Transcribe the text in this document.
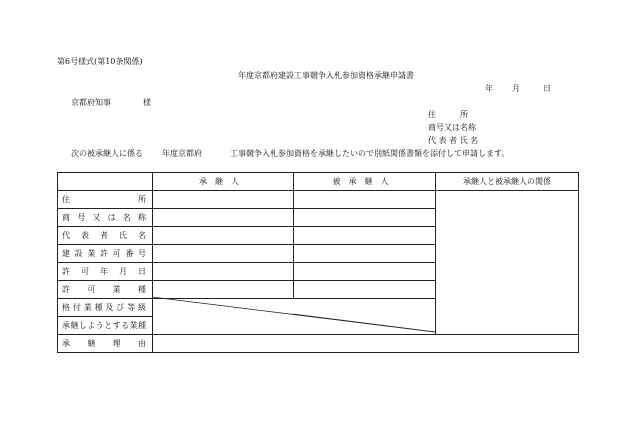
第6号様式(第10条関係)
年度京都府建設工事競争入札参加資格承継申請書
年 月	日
京都府知事	様
住　　　所
商号又は名称
代 表 者 氏 名
次の被承継人に係る 年度京都府	工事競争入札参加資格を承継したいので別紙関係書類を添付して申請します。
	承継人	被承継人	承継人と被承継人の関係
住所			
商号又は名称			
代表者氏名			
建設業許可番号			
許可年月日			
許可業種			
格付業種及び等級			
承継しようとする業種			
承継理由			
